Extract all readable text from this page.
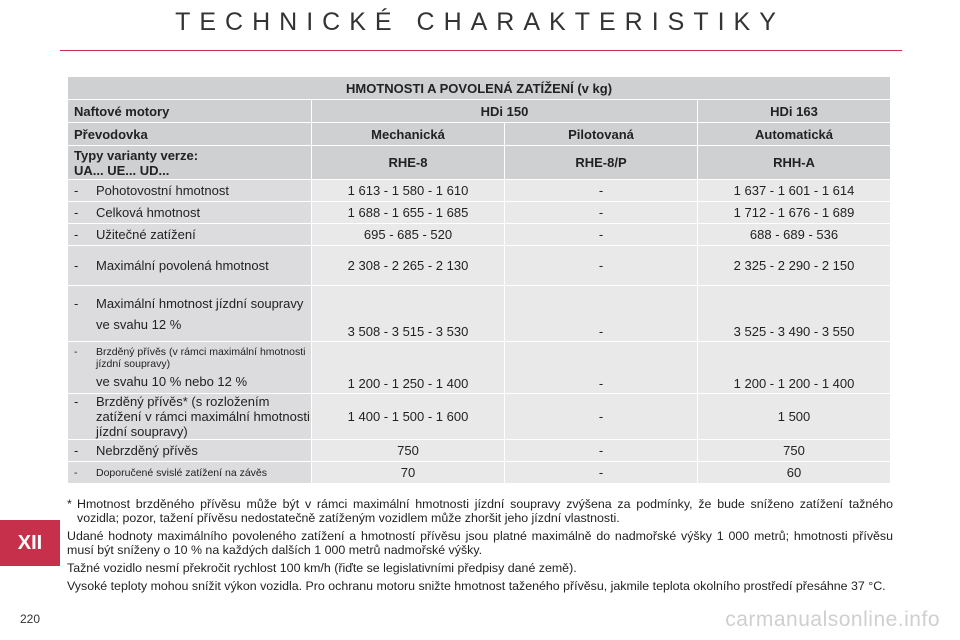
TECHNICKÉ CHARAKTERISTIKY
HMOTNOSTI A POVOLENÁ ZATÍŽENÍ (v kg)			
Naftové motory	HDi 150		HDi 163
Převodovka	Mechanická	Pilotovaná	Automatická

Typy varianty verze:
UA... UE... UD...	RHE-8	RHE-8/P	RHH-A

- Pohotovostní hmotnost	1 613 - 1 580 - 1 610	-	1 637 - 1 601 - 1 614

- Celková hmotnost	1 688 - 1 655 - 1 685	-	1 712 - 1 676 - 1 689

- Užitečné zatížení	695 - 685 - 520	-	688 - 689 - 536

- Maximální povolená hmotnost	2 308 - 2 265 - 2 130	-	2 325 - 2 290 - 2 150

- Maximální hmotnost jízdní soupravy
ve svahu 12 %	3 508 - 3 515 - 3 530	-	3 525 - 3 490 - 3 550

- Brzděný přívěs (v rámci maximální hmotnosti jízdní soupravy)
ve svahu 10 % nebo 12 %	1 200 - 1 250 - 1 400	-	1 200 - 1 200 - 1 400

- Brzděný přívěs* (s rozložením zatížení v rámci maximální hmotnosti jízdní soupravy)	1 400 - 1 500 - 1 600	-	1 500

- Nebrzděný přívěs	750	-	750

- Doporučené svislé zatížení na závěs	70	-	60
* Hmotnost brzděného přívěsu může být v rámci maximální hmotnosti jízdní soupravy zvýšena za podmínky, že bude sníženo zatížení tažného vozidla; pozor, tažení přívěsu nedostatečně zatíženým vozidlem může zhoršit jeho jízdní vlastnosti.

Udané hodnoty maximálního povoleného zatížení a hmotností přívěsu jsou platné maximálně do nadmořské výšky 1 000 metrů; hmotnosti přívěsu musí být sníženy o 10 % na každých dalších 1 000 metrů nadmořské výšky.

Tažné vozidlo nesmí překročit rychlost 100 km/h (řiďte se legislativními předpisy dané země).

Vysoké teploty mohou snížit výkon vozidla. Pro ochranu motoru snižte hmotnost taženého přívěsu, jakmile teplota okolního prostředí přesáhne 37 °C.

XII
220	carmanualsonline.info
